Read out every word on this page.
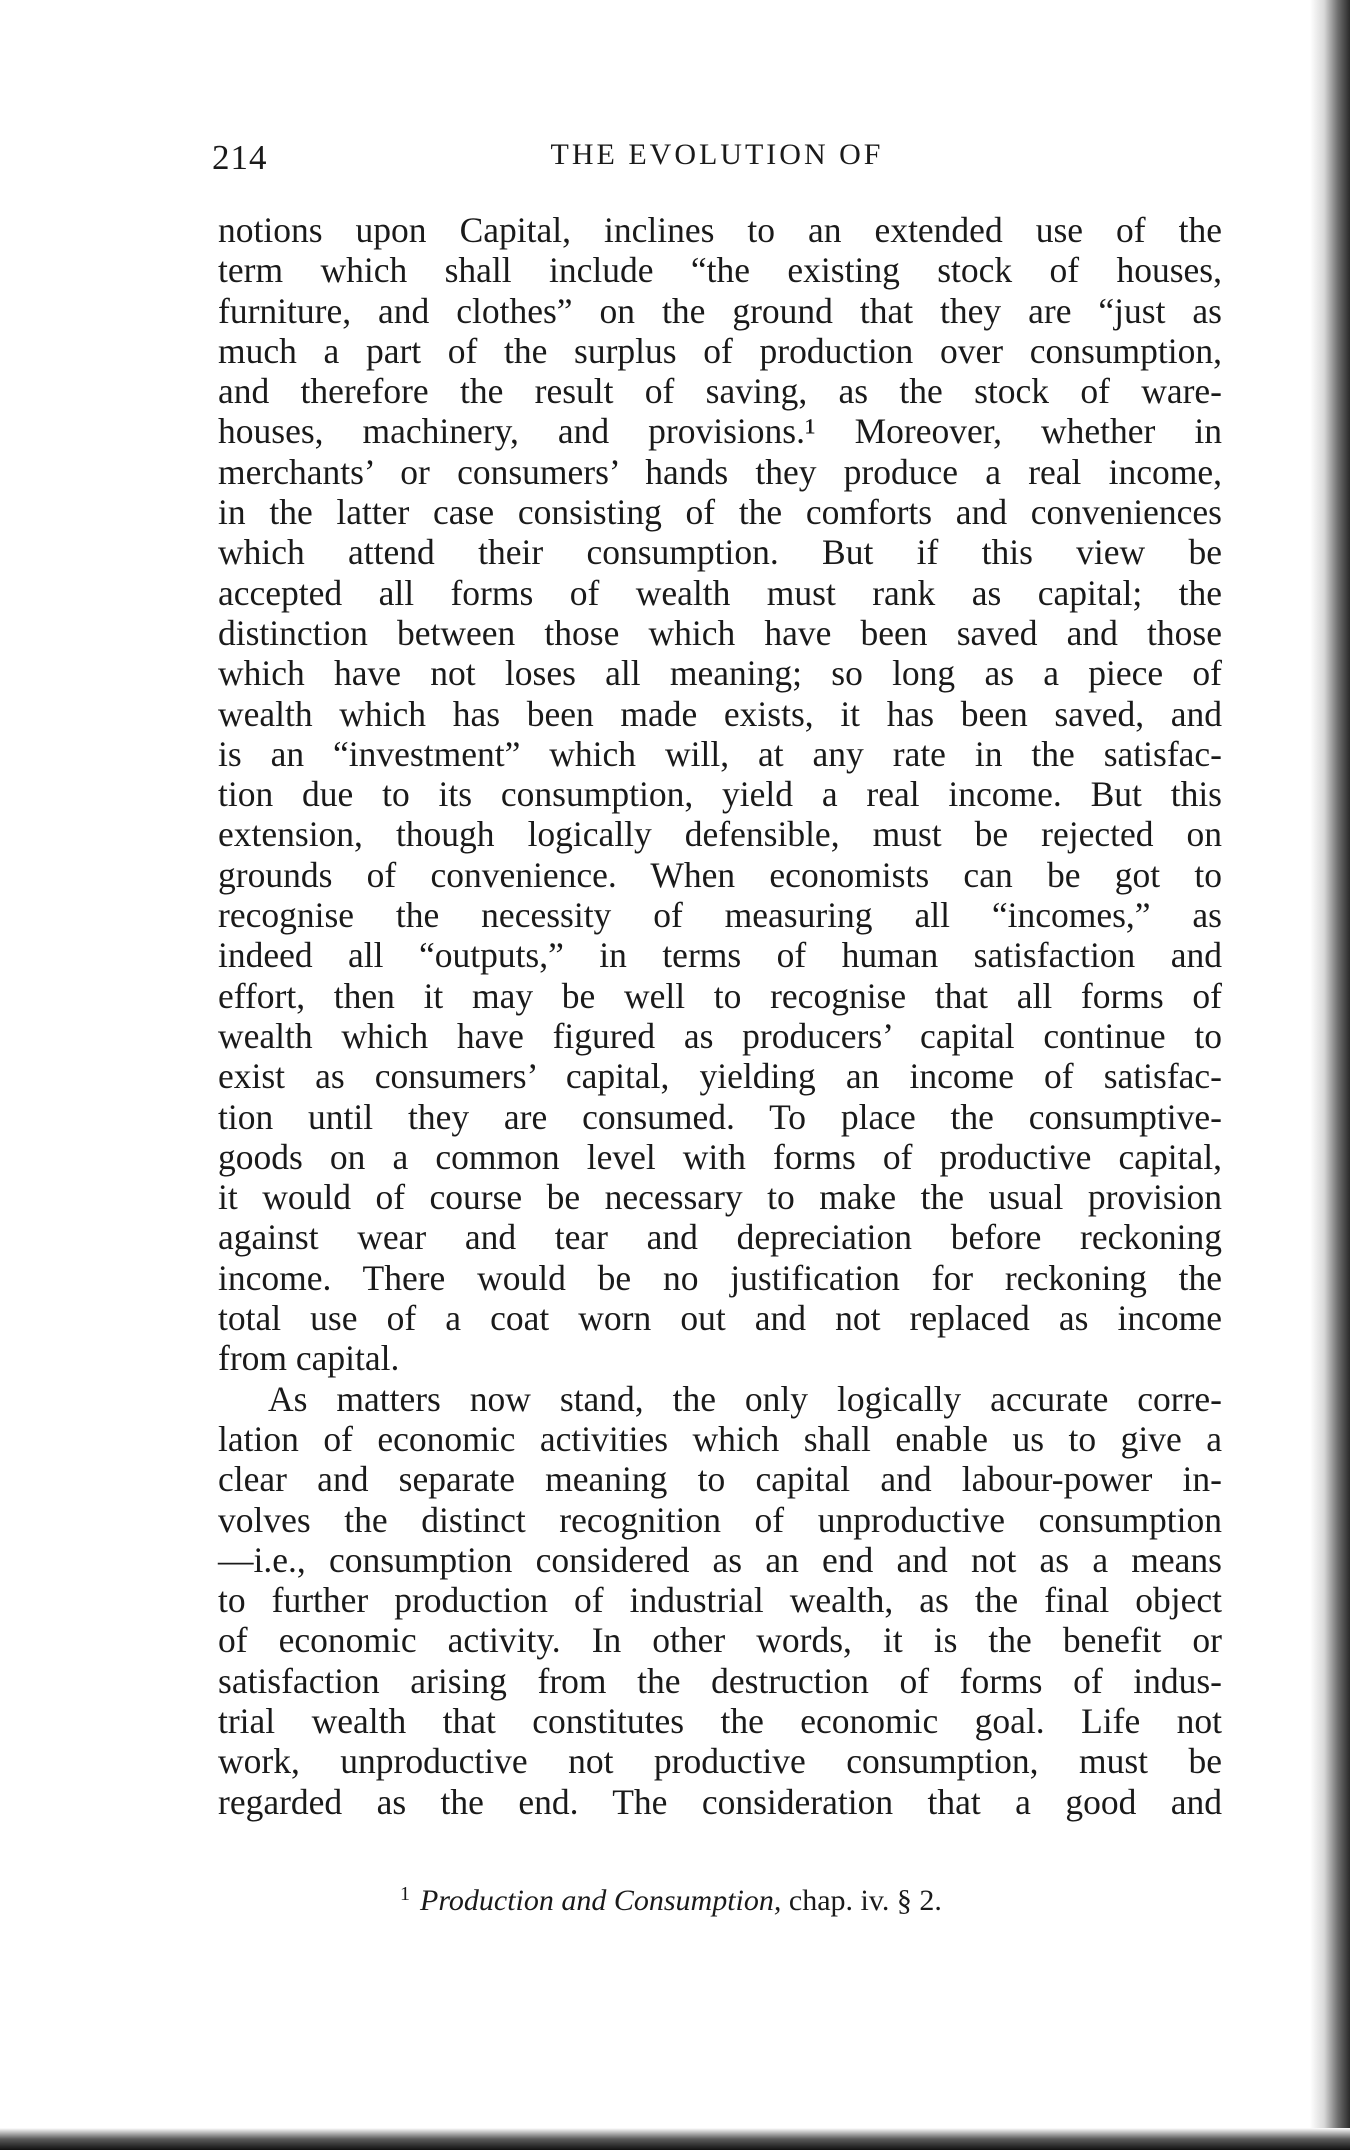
214	THE EVOLUTION OF
notions upon Capital, inclines to an extended use of the
term which shall include “the existing stock of houses,
furniture, and clothes” on the ground that they are “just as
much a part of the surplus of production over consumption,
and therefore the result of saving, as the stock of ware-
houses, machinery, and provisions.¹ Moreover, whether in
merchants’ or consumers’ hands they produce a real income,
in the latter case consisting of the comforts and conveniences
which attend their consumption. But if this view be
accepted all forms of wealth must rank as capital; the
distinction between those which have been saved and those
which have not loses all meaning; so long as a piece of
wealth which has been made exists, it has been saved, and
is an “investment” which will, at any rate in the satisfac-
tion due to its consumption, yield a real income. But this
extension, though logically defensible, must be rejected on
grounds of convenience. When economists can be got to
recognise the necessity of measuring all “incomes,” as
indeed all “outputs,” in terms of human satisfaction and
effort, then it may be well to recognise that all forms of
wealth which have figured as producers’ capital continue to
exist as consumers’ capital, yielding an income of satisfac-
tion until they are consumed. To place the consumptive-
goods on a common level with forms of productive capital,
it would of course be necessary to make the usual provision
against wear and tear and depreciation before reckoning
income. There would be no justification for reckoning the
total use of a coat worn out and not replaced as income
from capital.
As matters now stand, the only logically accurate corre-
lation of economic activities which shall enable us to give a
clear and separate meaning to capital and labour-power in-
volves the distinct recognition of unproductive consumption
—i.e., consumption considered as an end and not as a means
to further production of industrial wealth, as the final object
of economic activity. In other words, it is the benefit or
satisfaction arising from the destruction of forms of indus-
trial wealth that constitutes the economic goal. Life not
work, unproductive not productive consumption, must be
regarded as the end. The consideration that a good and
$^1$ Production and Consumption, chap. iv. § 2.
